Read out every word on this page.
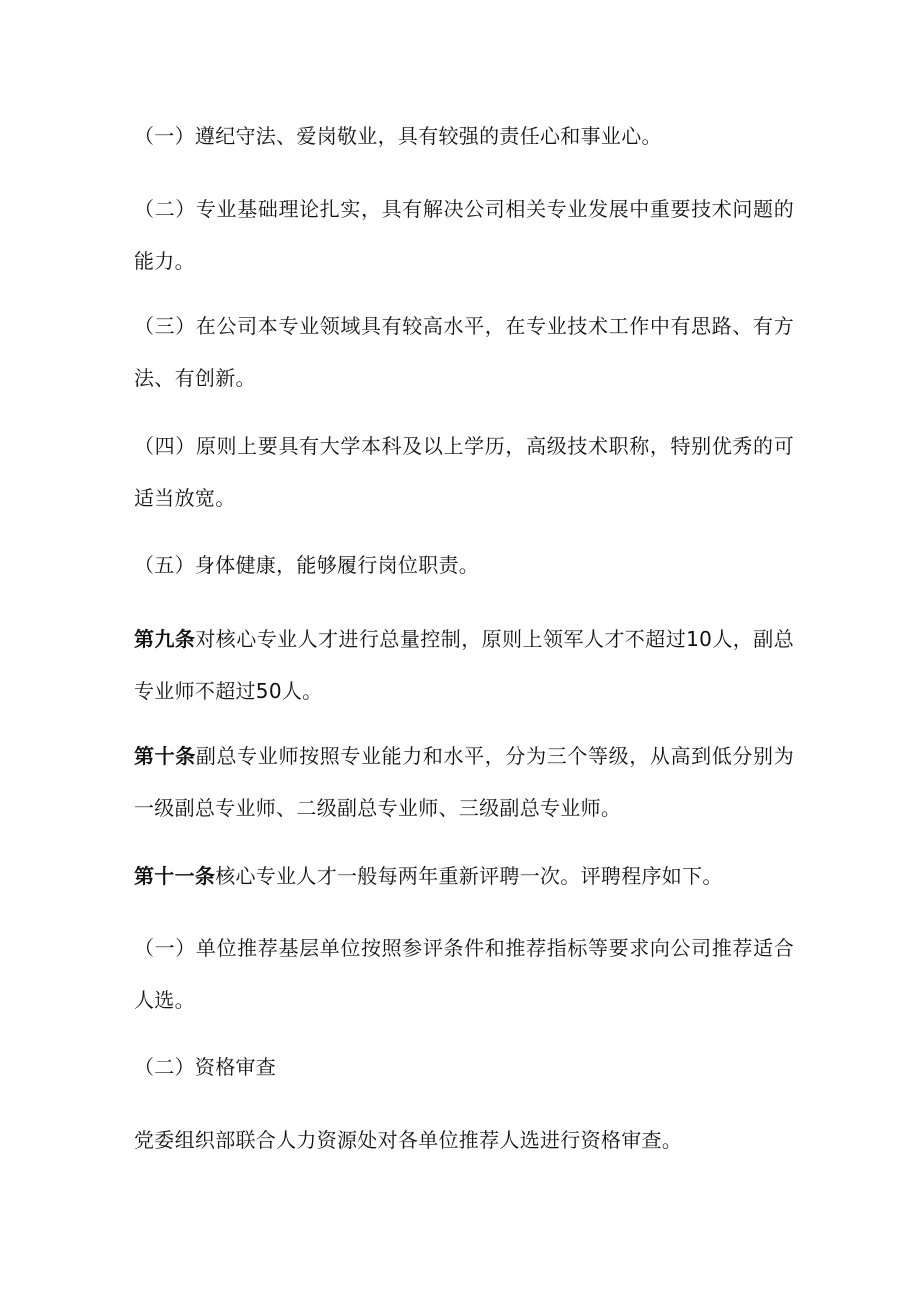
（一）遵纪守法、爱岗敬业，具有较强的责任心和事业心。

（二）专业基础理论扎实，具有解决公司相关专业发展中重要技术问题的能力。

（三）在公司本专业领域具有较高水平，在专业技术工作中有思路、有方法、有创新。

（四）原则上要具有大学本科及以上学历，高级技术职称，特别优秀的可适当放宽。

（五）身体健康，能够履行岗位职责。

第九条对核心专业人才进行总量控制，原则上领军人才不超过10人，副总专业师不超过50人。

第十条副总专业师按照专业能力和水平，分为三个等级，从高到低分别为一级副总专业师、二级副总专业师、三级副总专业师。

第十一条核心专业人才一般每两年重新评聘一次。评聘程序如下。

（一）单位推荐基层单位按照参评条件和推荐指标等要求向公司推荐适合人选。

（二）资格审查

党委组织部联合人力资源处对各单位推荐人选进行资格审查。
